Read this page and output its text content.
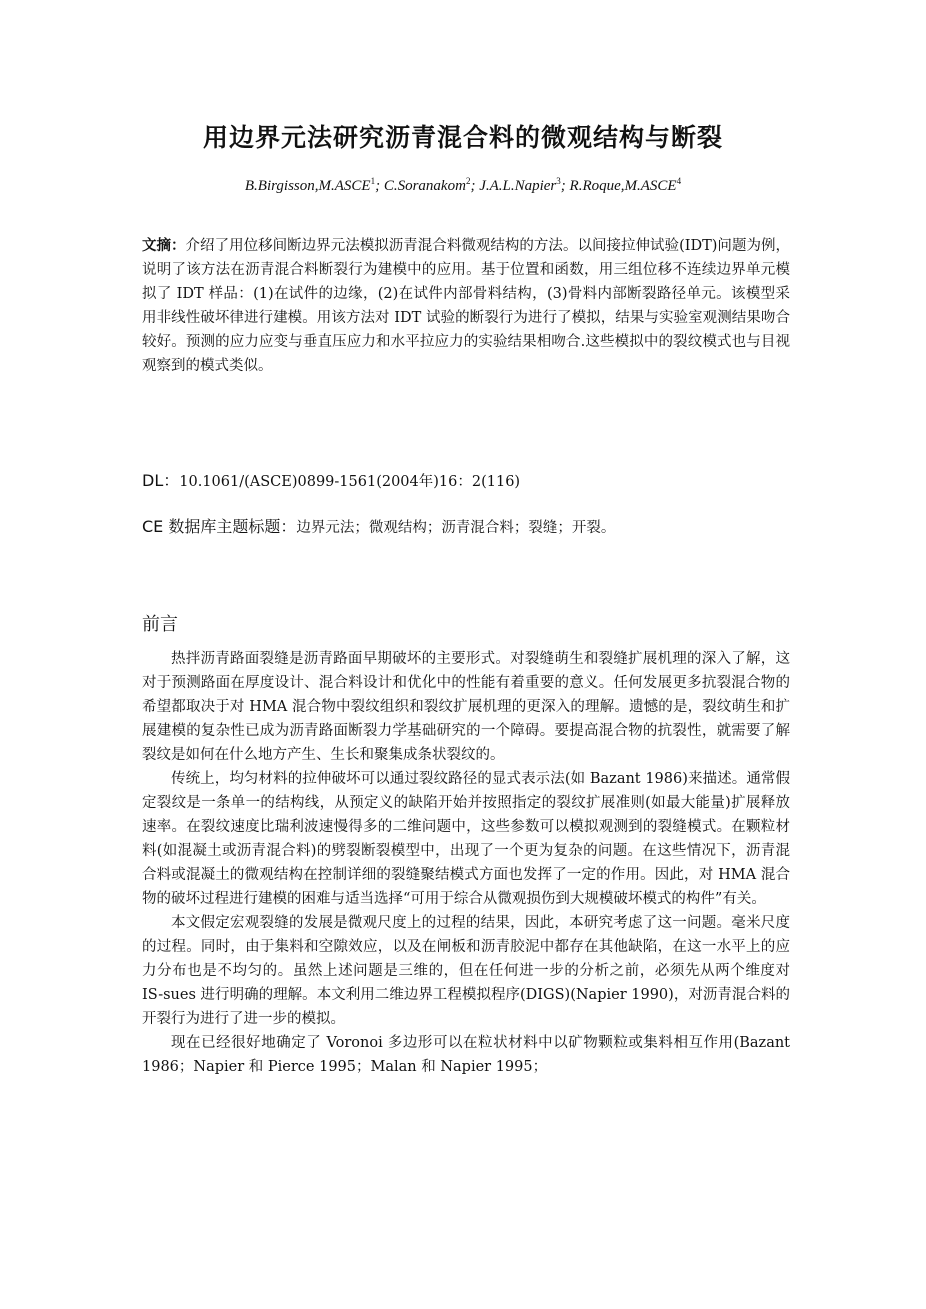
用边界元法研究沥青混合料的微观结构与断裂
B.Birgisson,M.ASCE$^1$; C.Soranakom$^2$; J.A.L.Napier$^3$; R.Roque,M.ASCE$^4$
文摘：介绍了用位移间断边界元法模拟沥青混合料微观结构的方法。以间接拉伸试验(IDT)问题为例，说明了该方法在沥青混合料断裂行为建模中的应用。基于位置和函数，用三组位移不连续边界单元模拟了 IDT 样品：(1)在试件的边缘，(2)在试件内部骨料结构，(3)骨料内部断裂路径单元。该模型采用非线性破坏律进行建模。用该方法对 IDT 试验的断裂行为进行了模拟，结果与实验室观测结果吻合较好。预测的应力应变与垂直压应力和水平拉应力的实验结果相吻合.这些模拟中的裂纹模式也与目视观察到的模式类似。
DL：10.1061/(ASCE)0899-1561(2004年)16：2(116)
CE 数据库主题标题：边界元法；微观结构；沥青混合料；裂缝；开裂。
前言

热拌沥青路面裂缝是沥青路面早期破坏的主要形式。对裂缝萌生和裂缝扩展机理的深入了解，这对于预测路面在厚度设计、混合料设计和优化中的性能有着重要的意义。任何发展更多抗裂混合物的希望都取决于对 HMA 混合物中裂纹组织和裂纹扩展机理的更深入的理解。遗憾的是，裂纹萌生和扩展建模的复杂性已成为沥青路面断裂力学基础研究的一个障碍。要提高混合物的抗裂性，就需要了解裂纹是如何在什么地方产生、生长和聚集成条状裂纹的。

传统上，均匀材料的拉伸破坏可以通过裂纹路径的显式表示法(如 Bazant 1986)来描述。通常假定裂纹是一条单一的结构线，从预定义的缺陷开始并按照指定的裂纹扩展准则(如最大能量)扩展释放速率。在裂纹速度比瑞利波速慢得多的二维问题中，这些参数可以模拟观测到的裂缝模式。在颗粒材料(如混凝土或沥青混合料)的劈裂断裂模型中，出现了一个更为复杂的问题。在这些情况下，沥青混合料或混凝土的微观结构在控制详细的裂缝聚结模式方面也发挥了一定的作用。因此，对 HMA 混合物的破坏过程进行建模的困难与适当选择“可用于综合从微观损伤到大规模破坏模式的构件”有关。

本文假定宏观裂缝的发展是微观尺度上的过程的结果，因此，本研究考虑了这一问题。毫米尺度的过程。同时，由于集料和空隙效应，以及在闸板和沥青胶泥中都存在其他缺陷，在这一水平上的应力分布也是不均匀的。虽然上述问题是三维的，但在任何进一步的分析之前，必须先从两个维度对 IS-sues 进行明确的理解。本文利用二维边界工程模拟程序(DIGS)(Napier 1990)，对沥青混合料的开裂行为进行了进一步的模拟。

现在已经很好地确定了 Voronoi 多边形可以在粒状材料中以矿物颗粒或集料相互作用(Bazant 1986；Napier 和 Pierce 1995；Malan 和 Napier 1995；
